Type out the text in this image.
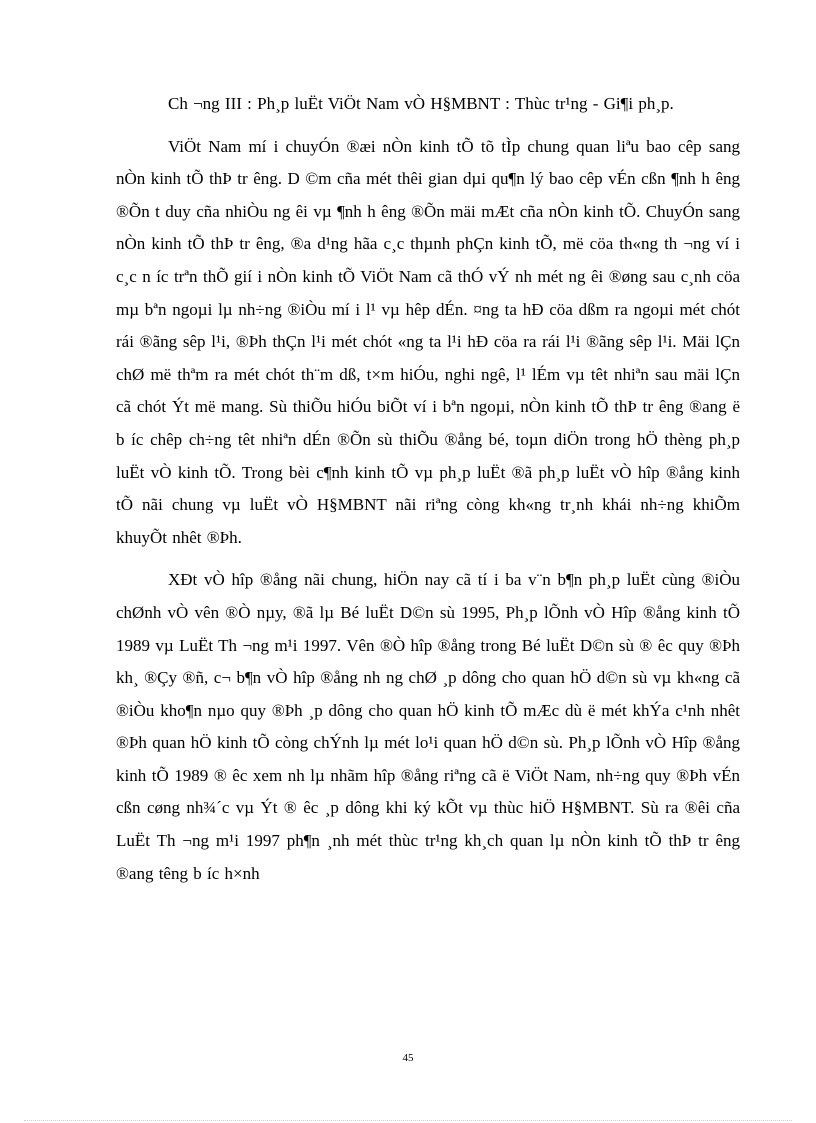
Ch ¬ng III : Ph¸p luËt ViÖt Nam vÒ H§MBNT : Thùc tr¹ng - Gi¶i ph¸p.

ViÖt Nam mí i chuyÓn ®æi nÒn kinh tÕ tõ tÌp chung quan liªu bao cêp sang nÒn kinh tÕ thÞ tr êng. D ©m cña mét thêi gian dµi qu¶n lý bao cêp vÉn cßn ¶nh h êng ®Õn t duy cña nhiÒu ng êi vµ ¶nh h êng ®Õn mäi mÆt cña nÒn kinh tÕ. ChuyÓn sang nÒn kinh tÕ thÞ tr êng, ®a d¹ng hãa c¸c thµnh phÇn kinh tÕ, më cöa th«ng th ¬ng ví i c¸c n íc trªn thÕ gií i nÒn kinh tÕ ViÖt Nam cã thÓ vÝ nh mét ng êi ®øng sau c¸nh cöa mµ bªn ngoµi lµ nh÷ng ®iÒu mí i l¹ vµ hêp dÉn. ¤ng ta hÐ cöa dßm ra ngoµi mét chót rái ®ãng sêp l¹i, ®Þh thÇn l¹i mét chót «ng ta l¹i hÐ cöa ra rái l¹i ®ãng sêp l¹i. Mäi lÇn chØ më thªm ra mét chót th¨m dß, t×m hiÓu, nghi ngê, l¹ lÉm vµ têt nhiªn sau mäi lÇn cã chót Ýt më mang. Sù thiÕu hiÓu biÕt ví i bªn ngoµi, nÒn kinh tÕ thÞ tr êng ®ang ë b íc chêp ch÷ng têt nhiªn dÉn ®Õn sù thiÕu ®ång bé, toµn diÖn trong hÖ thèng ph¸p luËt vÒ kinh tÕ. Trong bèi c¶nh kinh tÕ vµ ph¸p luËt ®ã ph¸p luËt vÒ hîp ®ång kinh tÕ nãi chung vµ luËt vÒ H§MBNT nãi riªng còng kh«ng tr¸nh khái nh÷ng khiÕm khuyÕt nhêt ®Þh.

XÐt vÒ hîp ®ång nãi chung, hiÖn nay cã tí i ba v¨n b¶n ph¸p luËt cùng ®iÒu chØnh vÒ vên ®Ò nµy, ®ã lµ Bé luËt D©n sù 1995, Ph¸p lÕnh vÒ Hîp ®ång kinh tÕ 1989 vµ LuËt Th ¬ng m¹i 1997. Vên ®Ò hîp ®ång trong Bé luËt D©n sù ® êc quy ®Þh kh¸ ®Çy ®ñ, c¬ b¶n vÒ hîp ®ång nh ng chØ ¸p dông cho quan hÖ d©n sù vµ kh«ng cã ®iÒu kho¶n nµo quy ®Þh ¸p dông cho quan hÖ kinh tÕ mÆc dù ë mét khÝa c¹nh nhêt ®Þh quan hÖ kinh tÕ còng chÝnh lµ mét lo¹i quan hÖ d©n sù. Ph¸p lÕnh vÒ Hîp ®ång kinh tÕ 1989 ® êc xem nh lµ nhãm hîp ®ång riªng cã ë ViÖt Nam, nh÷ng quy ®Þh vÉn cßn cøng nh¾´c vµ Ýt ® êc ¸p dông khi ký kÕt vµ thùc hiÖ H§MBNT. Sù ra ®êi cña LuËt Th ¬ng m¹i 1997 ph¶n ¸nh mét thùc tr¹ng kh¸ch quan lµ nÒn kinh tÕ thÞ tr êng ®ang têng b íc h×nh

45
